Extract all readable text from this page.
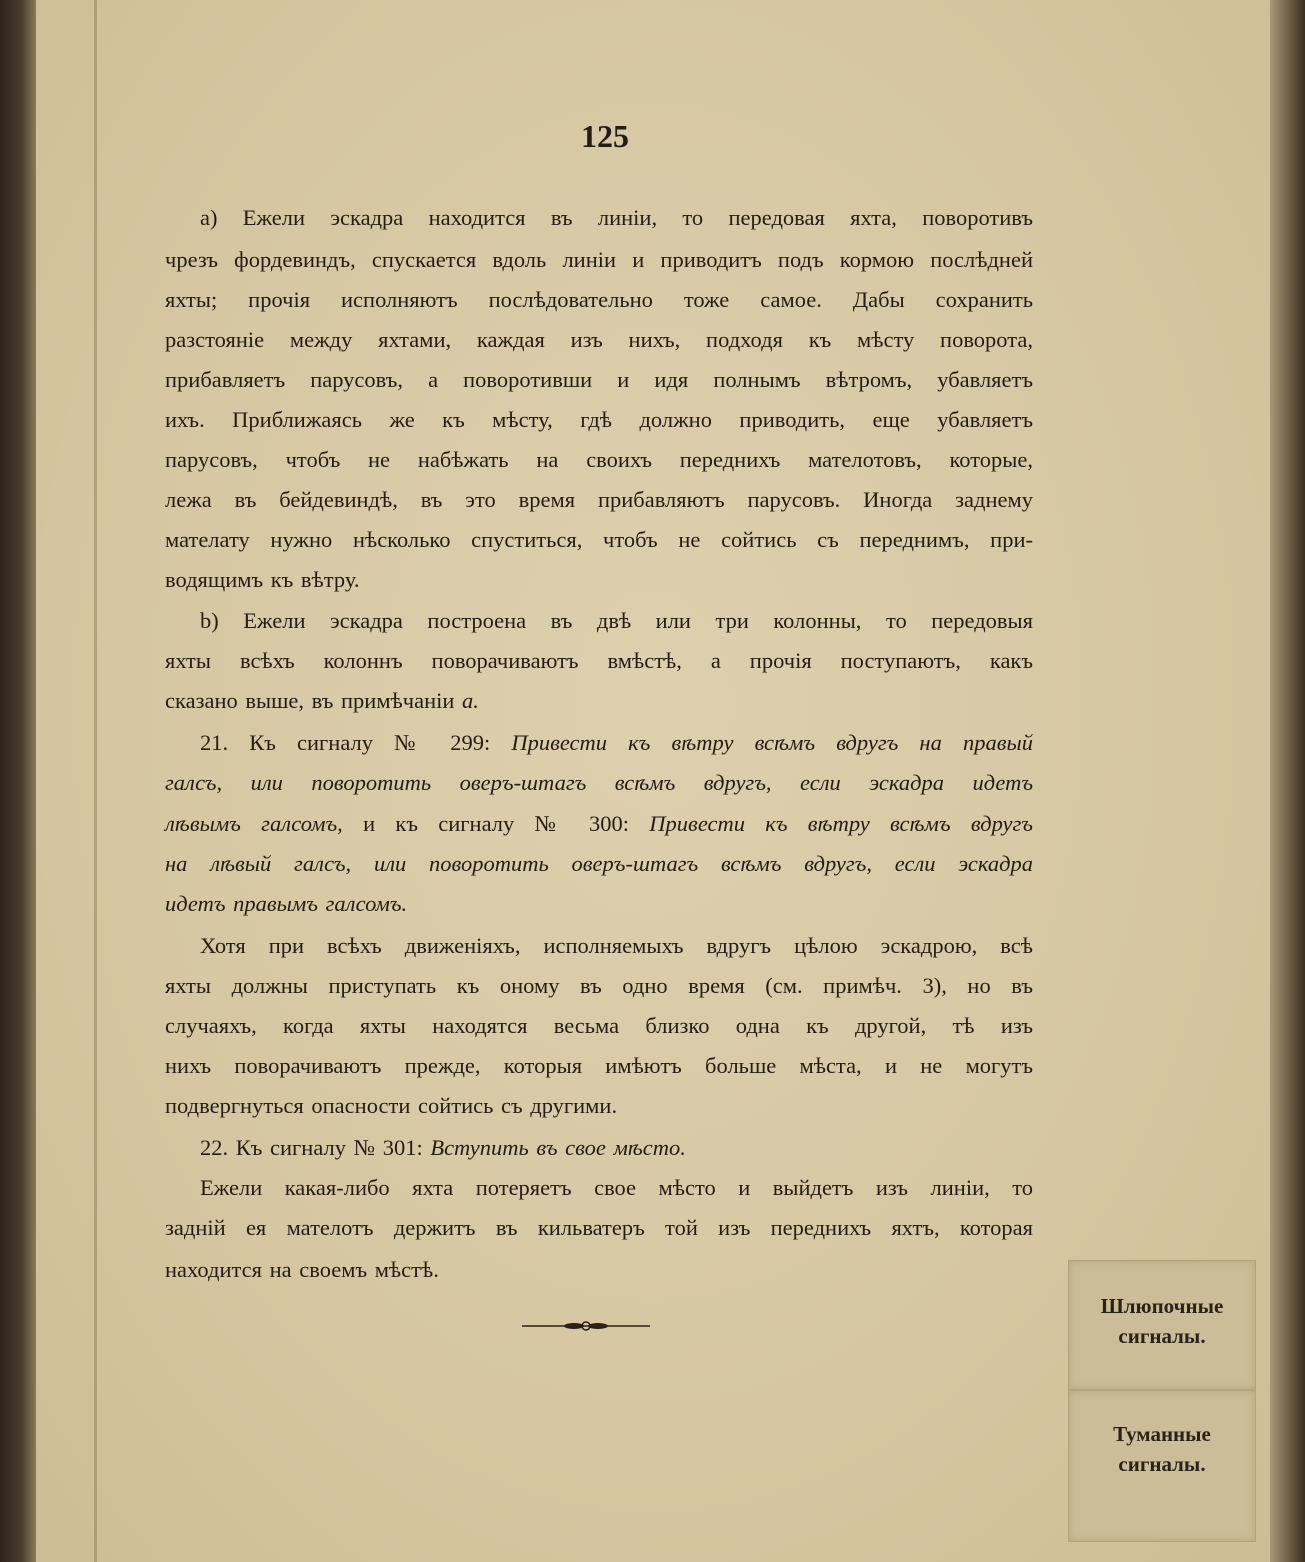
125
а) Ежели эскадра находится въ линіи, то передовая яхта, поворотивъ
чрезъ фордевиндъ, спускается вдоль линіи и приводитъ подъ кормою послѣдней
яхты; прочія исполняютъ послѣдовательно тоже самое. Дабы сохранить
разстояніе между яхтами, каждая изъ нихъ, подходя къ мѣсту поворота,
прибавляетъ парусовъ, а поворотивши и идя полнымъ вѣтромъ, убавляетъ
ихъ. Приближаясь же къ мѣсту, гдѣ должно приводить, еще убавляетъ
парусовъ, чтобъ не набѣжать на своихъ переднихъ мателотовъ, которые,
лежа въ бейдевиндѣ, въ это время прибавляютъ парусовъ. Иногда заднему
мателату нужно нѣсколько спуститься, чтобъ не сойтись съ переднимъ, при-
водящимъ къ вѣтру.
b) Ежели эскадра построена въ двѣ или три колонны, то передовыя
яхты всѣхъ колоннъ поворачиваютъ вмѣстѣ, а прочія поступаютъ, какъ
сказано выше, въ примѣчаніи а.
21. Къ сигналу № 299: Привести къ вѣтру всѣмъ вдругъ на правый
галсъ, или поворотить оверъ-штагъ всѣмъ вдругъ, если эскадра идетъ
лѣвымъ галсомъ, и къ сигналу № 300: Привести къ вѣтру всѣмъ вдругъ
на лѣвый галсъ, или поворотить оверъ-штагъ всѣмъ вдругъ, если эскадра
идетъ правымъ галсомъ.
Хотя при всѣхъ движеніяхъ, исполняемыхъ вдругъ цѣлою эскадрою, всѣ
яхты должны приступать къ оному въ одно время (см. примѣч. 3), но въ
случаяхъ, когда яхты находятся весьма близко одна къ другой, тѣ изъ
нихъ поворачиваютъ прежде, которыя имѣютъ больше мѣста, и не могутъ
подвергнуться опасности сойтись съ другими.
22. Къ сигналу № 301: Вступить въ свое мѣсто.
Ежели какая-либо яхта потеряетъ свое мѣсто и выйдетъ изъ линіи, то
задній ея мателотъ держитъ въ кильватеръ той изъ переднихъ яхтъ, которая
находится на своемъ мѣстѣ.
Шлюпочные
сигналы.
Туманные
сигналы.
